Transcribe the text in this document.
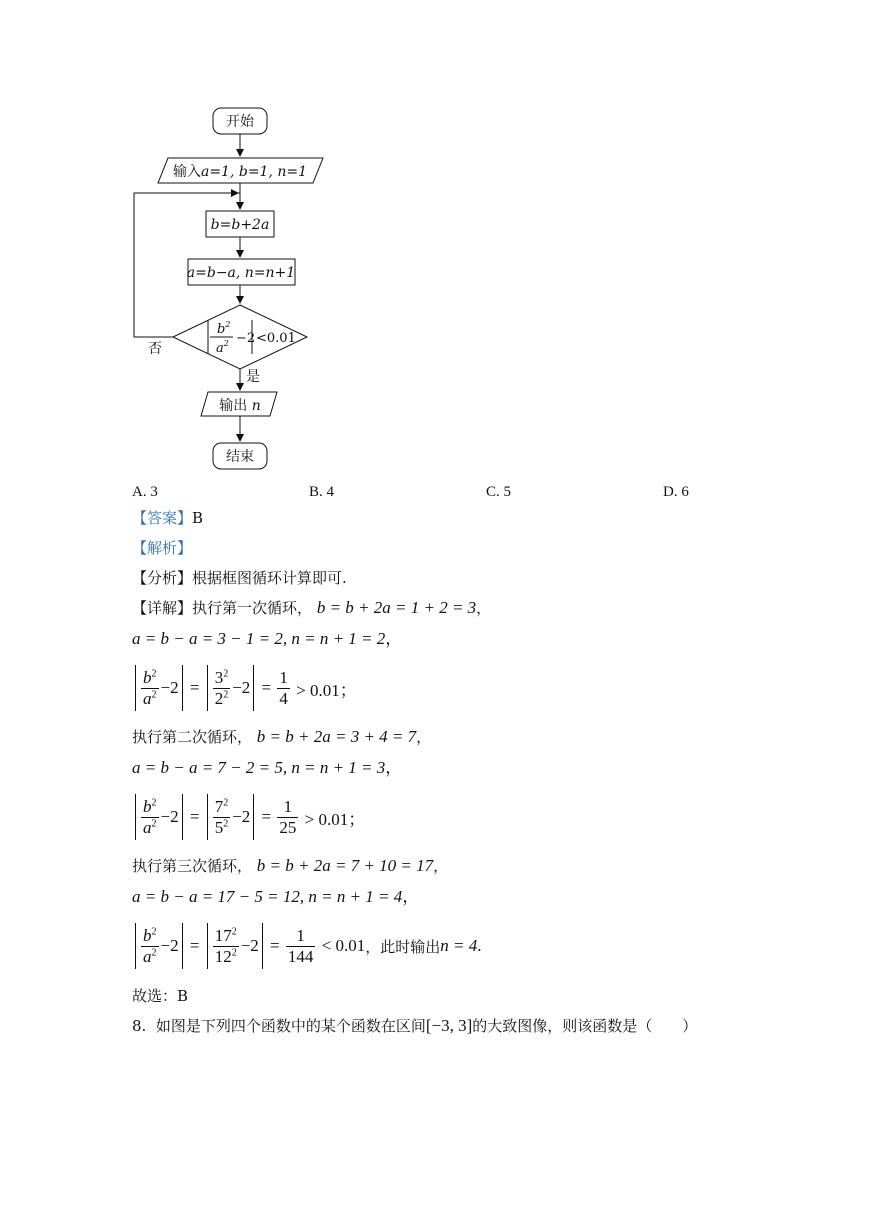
开始
输入a=1, b=1, n=1
b=b+2a
a=b−a, n=n+1
$b^2$
$a^2 -2 <0.01$
否
是
输出 n
结束
A. 3	B. 4	C. 5	D. 6
【答案】B
【解析】
【分析】根据框图循环计算即可.
【详解】执行第一次循环， b = b + 2a = 1 + 2 = 3，
a = b − a = 3 − 1 = 2, n = n + 1 = 2，
$\frac{b^2}{a^2} -2 = \frac{3^2}{2^2} -2 = \frac{1}{4} > 0.01$；
执行第二次循环， b = b + 2a = 3 + 4 = 7，
a = b − a = 7 − 2 = 5, n = n + 1 = 3，
$\frac{b^2}{a^2} -2 = \frac{7^2}{5^2} -2 = \frac{1}{25} > 0.01$；
执行第三次循环， b = b + 2a = 7 + 10 = 17，
a = b − a = 17 − 5 = 12, n = n + 1 = 4，
$\frac{b^2}{a^2} -2 = \frac{17^2}{12^2} -2 = \frac{1}{144} < 0.01$ ，此时输出 n = 4 .
故选：B
8. 如图是下列四个函数中的某个函数在区间[−3, 3]的大致图像，则该函数是（　　）
